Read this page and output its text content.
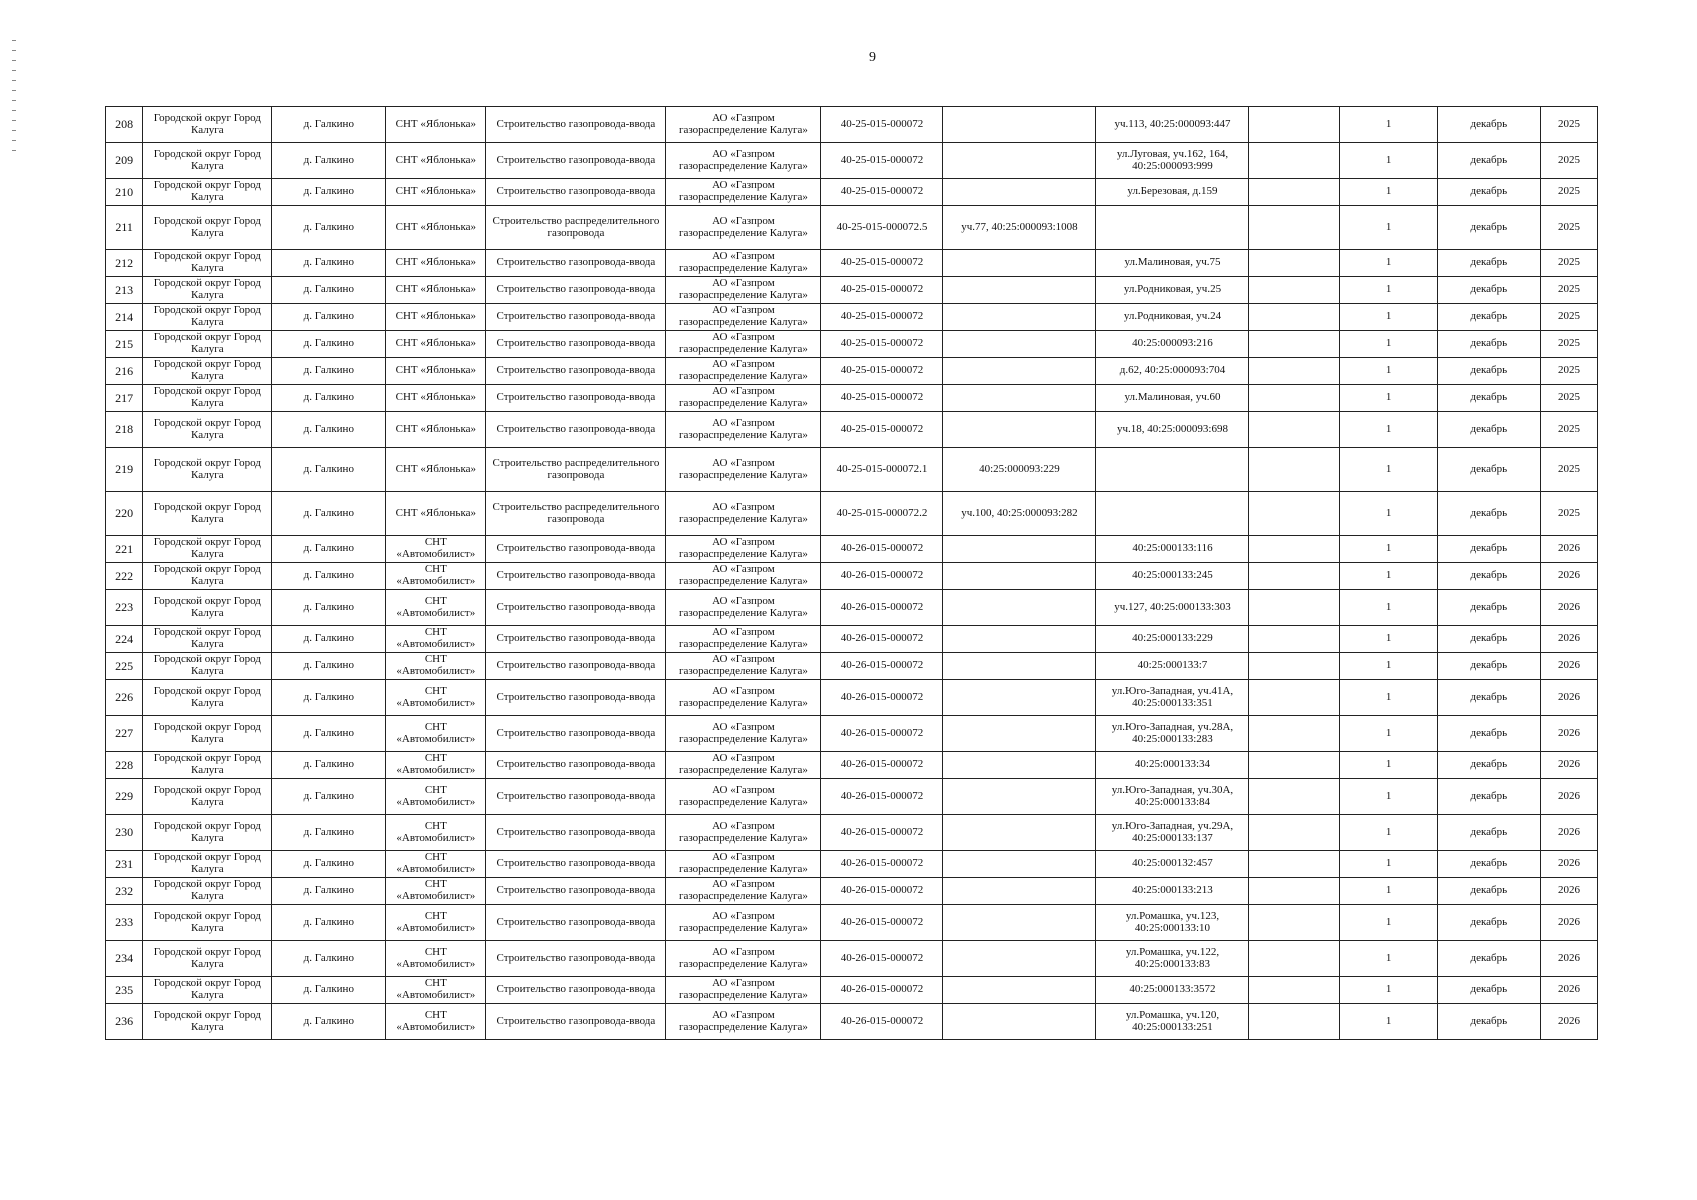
9
208	Городской округ Город Калуга	д. Галкино	СНТ «Яблонька»	Строительство газопровода-ввода	АО «Газпром газораспределение Калуга»	40-25-015-000072		уч.113, 40:25:000093:447		1	декабрь	2025
209	Городской округ Город Калуга	д. Галкино	СНТ «Яблонька»	Строительство газопровода-ввода	АО «Газпром газораспределение Калуга»	40-25-015-000072		ул.Луговая, уч.162, 164, 40:25:000093:999		1	декабрь	2025
210	Городской округ Город Калуга	д. Галкино	СНТ «Яблонька»	Строительство газопровода-ввода	АО «Газпром газораспределение Калуга»	40-25-015-000072		ул.Березовая, д.159		1	декабрь	2025
211	Городской округ Город Калуга	д. Галкино	СНТ «Яблонька»	Строительство распределительного газопровода	АО «Газпром газораспределение Калуга»	40-25-015-000072.5	уч.77, 40:25:000093:1008			1	декабрь	2025
212	Городской округ Город Калуга	д. Галкино	СНТ «Яблонька»	Строительство газопровода-ввода	АО «Газпром газораспределение Калуга»	40-25-015-000072		ул.Малиновая, уч.75		1	декабрь	2025
213	Городской округ Город Калуга	д. Галкино	СНТ «Яблонька»	Строительство газопровода-ввода	АО «Газпром газораспределение Калуга»	40-25-015-000072		ул.Родниковая, уч.25		1	декабрь	2025
214	Городской округ Город Калуга	д. Галкино	СНТ «Яблонька»	Строительство газопровода-ввода	АО «Газпром газораспределение Калуга»	40-25-015-000072		ул.Родниковая, уч.24		1	декабрь	2025
215	Городской округ Город Калуга	д. Галкино	СНТ «Яблонька»	Строительство газопровода-ввода	АО «Газпром газораспределение Калуга»	40-25-015-000072		40:25:000093:216		1	декабрь	2025
216	Городской округ Город Калуга	д. Галкино	СНТ «Яблонька»	Строительство газопровода-ввода	АО «Газпром газораспределение Калуга»	40-25-015-000072		д.62, 40:25:000093:704		1	декабрь	2025
217	Городской округ Город Калуга	д. Галкино	СНТ «Яблонька»	Строительство газопровода-ввода	АО «Газпром газораспределение Калуга»	40-25-015-000072		ул.Малиновая, уч.60		1	декабрь	2025
218	Городской округ Город Калуга	д. Галкино	СНТ «Яблонька»	Строительство газопровода-ввода	АО «Газпром газораспределение Калуга»	40-25-015-000072		уч.18, 40:25:000093:698		1	декабрь	2025
219	Городской округ Город Калуга	д. Галкино	СНТ «Яблонька»	Строительство распределительного газопровода	АО «Газпром газораспределение Калуга»	40-25-015-000072.1	40:25:000093:229			1	декабрь	2025
220	Городской округ Город Калуга	д. Галкино	СНТ «Яблонька»	Строительство распределительного газопровода	АО «Газпром газораспределение Калуга»	40-25-015-000072.2	уч.100, 40:25:000093:282			1	декабрь	2025
221	Городской округ Город Калуга	д. Галкино	СНТ «Автомобилист»	Строительство газопровода-ввода	АО «Газпром газораспределение Калуга»	40-26-015-000072		40:25:000133:116		1	декабрь	2026
222	Городской округ Город Калуга	д. Галкино	СНТ «Автомобилист»	Строительство газопровода-ввода	АО «Газпром газораспределение Калуга»	40-26-015-000072		40:25:000133:245		1	декабрь	2026
223	Городской округ Город Калуга	д. Галкино	СНТ «Автомобилист»	Строительство газопровода-ввода	АО «Газпром газораспределение Калуга»	40-26-015-000072		уч.127, 40:25:000133:303		1	декабрь	2026
224	Городской округ Город Калуга	д. Галкино	СНТ «Автомобилист»	Строительство газопровода-ввода	АО «Газпром газораспределение Калуга»	40-26-015-000072		40:25:000133:229		1	декабрь	2026
225	Городской округ Город Калуга	д. Галкино	СНТ «Автомобилист»	Строительство газопровода-ввода	АО «Газпром газораспределение Калуга»	40-26-015-000072		40:25:000133:7		1	декабрь	2026
226	Городской округ Город Калуга	д. Галкино	СНТ «Автомобилист»	Строительство газопровода-ввода	АО «Газпром газораспределение Калуга»	40-26-015-000072		ул.Юго-Западная, уч.41А, 40:25:000133:351		1	декабрь	2026
227	Городской округ Город Калуга	д. Галкино	СНТ «Автомобилист»	Строительство газопровода-ввода	АО «Газпром газораспределение Калуга»	40-26-015-000072		ул.Юго-Западная, уч.28А, 40:25:000133:283		1	декабрь	2026
228	Городской округ Город Калуга	д. Галкино	СНТ «Автомобилист»	Строительство газопровода-ввода	АО «Газпром газораспределение Калуга»	40-26-015-000072		40:25:000133:34		1	декабрь	2026
229	Городской округ Город Калуга	д. Галкино	СНТ «Автомобилист»	Строительство газопровода-ввода	АО «Газпром газораспределение Калуга»	40-26-015-000072		ул.Юго-Западная, уч.30А, 40:25:000133:84		1	декабрь	2026
230	Городской округ Город Калуга	д. Галкино	СНТ «Автомобилист»	Строительство газопровода-ввода	АО «Газпром газораспределение Калуга»	40-26-015-000072		ул.Юго-Западная, уч.29А, 40:25:000133:137		1	декабрь	2026
231	Городской округ Город Калуга	д. Галкино	СНТ «Автомобилист»	Строительство газопровода-ввода	АО «Газпром газораспределение Калуга»	40-26-015-000072		40:25:000132:457		1	декабрь	2026
232	Городской округ Город Калуга	д. Галкино	СНТ «Автомобилист»	Строительство газопровода-ввода	АО «Газпром газораспределение Калуга»	40-26-015-000072		40:25:000133:213		1	декабрь	2026
233	Городской округ Город Калуга	д. Галкино	СНТ «Автомобилист»	Строительство газопровода-ввода	АО «Газпром газораспределение Калуга»	40-26-015-000072		ул.Ромашка, уч.123, 40:25:000133:10		1	декабрь	2026
234	Городской округ Город Калуга	д. Галкино	СНТ «Автомобилист»	Строительство газопровода-ввода	АО «Газпром газораспределение Калуга»	40-26-015-000072		ул.Ромашка, уч.122, 40:25:000133:83		1	декабрь	2026
235	Городской округ Город Калуга	д. Галкино	СНТ «Автомобилист»	Строительство газопровода-ввода	АО «Газпром газораспределение Калуга»	40-26-015-000072		40:25:000133:3572		1	декабрь	2026
236	Городской округ Город Калуга	д. Галкино	СНТ «Автомобилист»	Строительство газопровода-ввода	АО «Газпром газораспределение Калуга»	40-26-015-000072		ул.Ромашка, уч.120, 40:25:000133:251		1	декабрь	2026
